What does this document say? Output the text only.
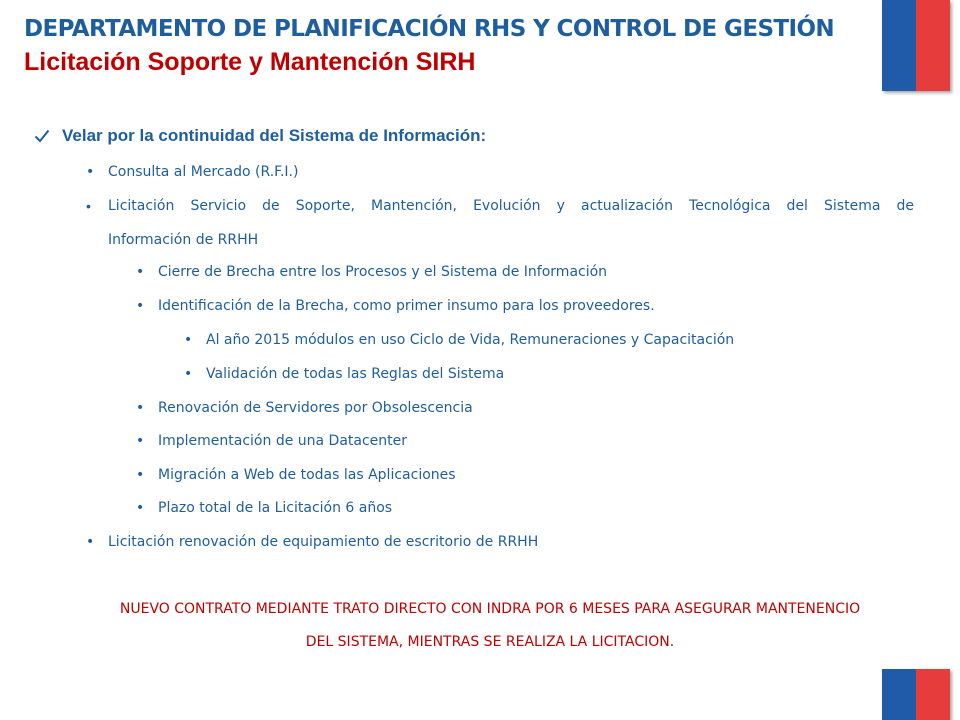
DEPARTAMENTO DE PLANIFICACIÓN RHS Y CONTROL DE GESTIÓN
Licitación Soporte y Mantención SIRH
Velar por la continuidad del Sistema de Información:
• Consulta al Mercado (R.F.I.)
• Licitación Servicio de Soporte, Mantención, Evolución y actualización Tecnológica del Sistema de
Información de RRHH
• Cierre de Brecha entre los Procesos y el Sistema de Información
• Identificación de la Brecha, como primer insumo para los proveedores.
• Al año 2015 módulos en uso Ciclo de Vida, Remuneraciones y Capacitación
• Validación de todas las Reglas del Sistema
• Renovación de Servidores por Obsolescencia
• Implementación de una Datacenter
• Migración a Web de todas las Aplicaciones
• Plazo total de la Licitación 6 años
• Licitación renovación de equipamiento de escritorio de RRHH
NUEVO CONTRATO MEDIANTE TRATO DIRECTO CON INDRA POR 6 MESES PARA ASEGURAR MANTENENCIO
DEL SISTEMA, MIENTRAS SE REALIZA LA LICITACION.
